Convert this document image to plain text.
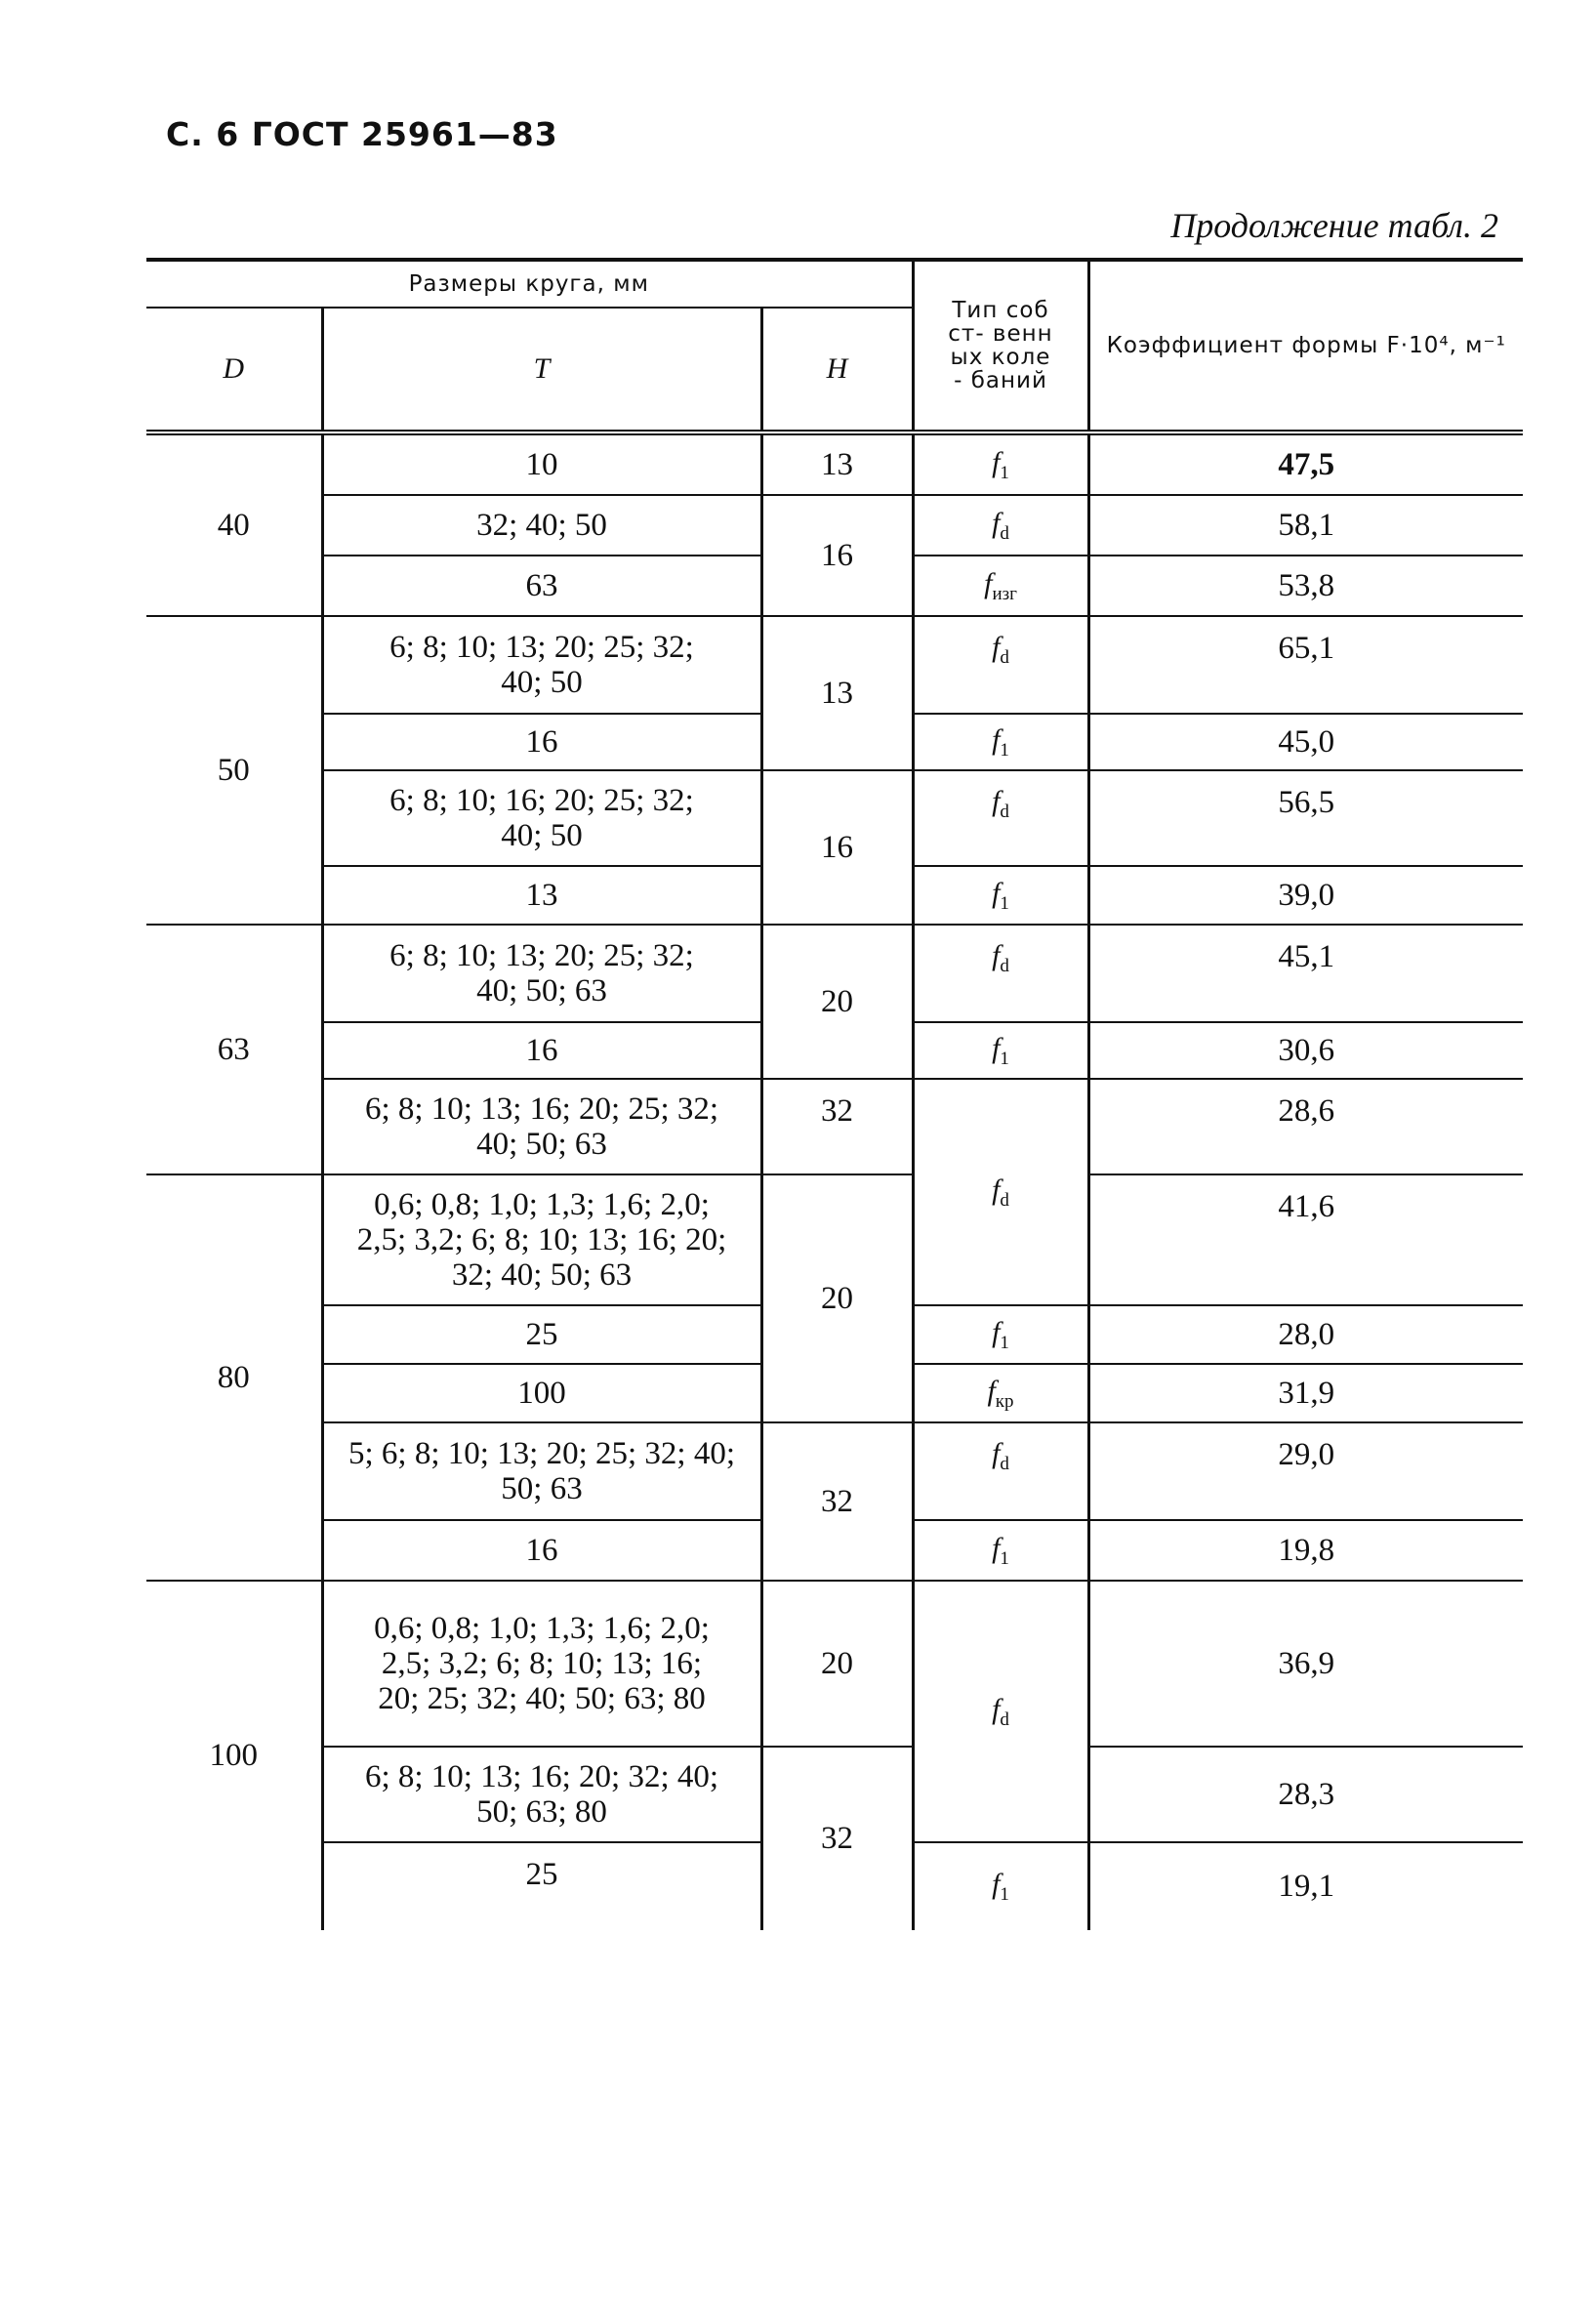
С. 6 ГОСТ 25961—83
Продолжение табл. 2
Размеры круга, мм			Тип собст- венных коле- баний	Коэффициент формы F·10⁴, м⁻¹
D	T	H		
40	10	13	$f_1$	47,5
	32; 40; 50	16	$f_d$	58,1
	63		$f_{изг}$	53,8
50	6; 8; 10; 13; 20; 25; 32; 40; 50	13	$f_d$	65,1
	16		$f_1$	45,0

	6; 8; 10; 16; 20; 25; 32; 40; 50	16	$f_d$	56,5
	13		$f_1$	39,0
63	6; 8; 10; 13; 20; 25; 32; 40; 50; 63	20	$f_d$	45,1
	16		$f_1$	30,6

	6; 8; 10; 13; 16; 20; 25; 32; 40; 50; 63	32	$f_d$	28,6
80	0,6; 0,8; 1,0; 1,3; 1,6; 2,0; 2,5; 3,2; 6; 8; 10; 13; 16; 20; 32; 40; 50; 63	20		41,6
	25		$f_1$	28,0
	100		$f_{кр}$	31,9

	5; 6; 8; 10; 13; 20; 25; 32; 40; 50; 63	32	$f_d$	29,0
	16		$f_1$	19,8
100	0,6; 0,8; 1,0; 1,3; 1,6; 2,0; 2,5; 3,2; 6; 8; 10; 13; 16; 20; 25; 32; 40; 50; 63; 80	20	$f_d$	36,9

	6; 8; 10; 13; 16; 20; 32; 40; 50; 63; 80	32		28,3
	25		$f_1$	19,1
